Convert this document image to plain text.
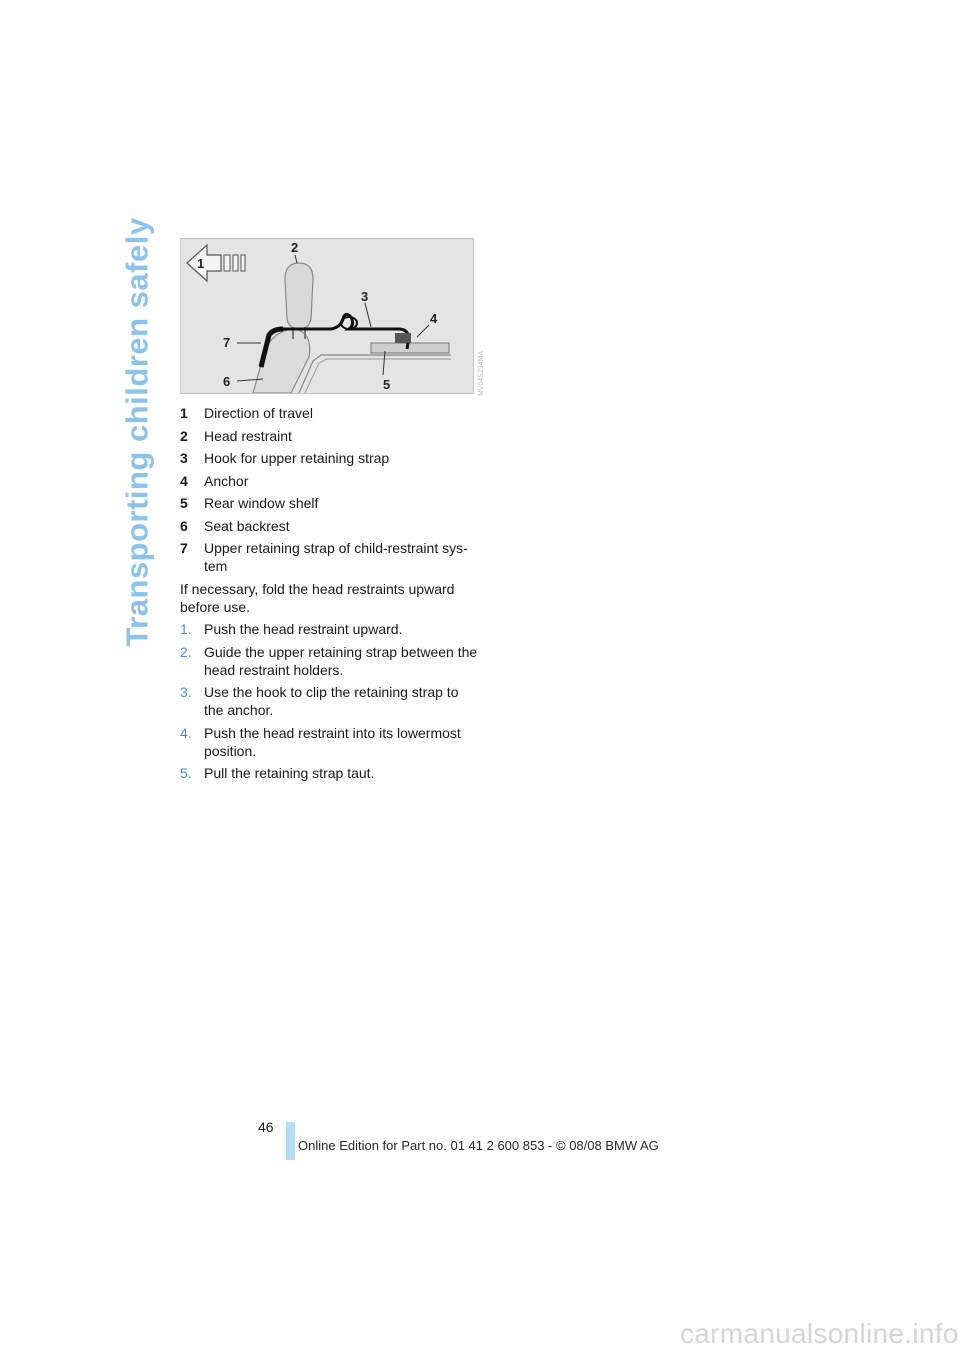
Transporting children safely	1
2
3
4
5
6
7
MV04S234MA
1	Direction of travel
2	Head restraint
3	Hook for upper retaining strap
4	Anchor
5	Rear window shelf
6	Seat backrest
7	Upper retaining strap of child-restraint sys-tem
If necessary, fold the head restraints upward before use.
1. Push the head restraint upward.
2. Guide the upper retaining strap between the head restraint holders.
3. Use the hook to clip the retaining strap to the anchor.
4. Push the head restraint into its lowermost position.
5. Pull the retaining strap taut.
46
Online Edition for Part no. 01 41 2 600 853 - © 08/08 BMW AG
carmanualsonline.info
